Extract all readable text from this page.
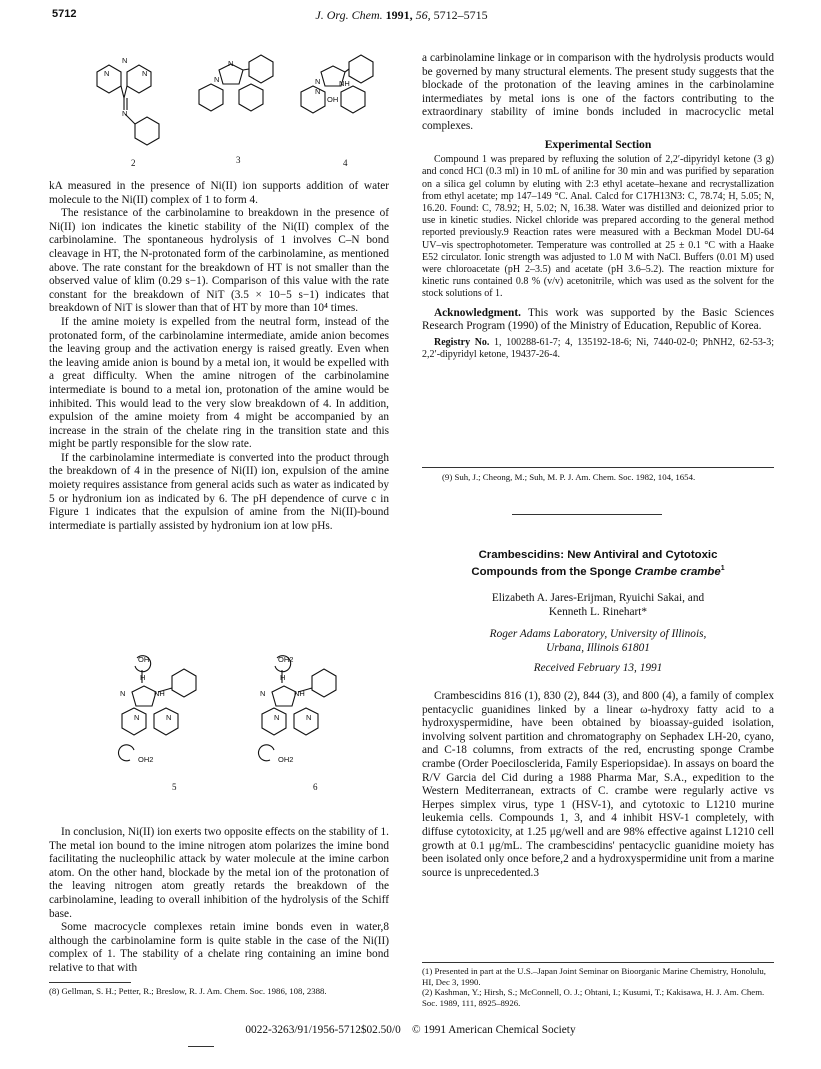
5712	J. Org. Chem. 1991, 56, 5712–5715
N
N	N
N
N
N
NH
N
N
OH
2	3	4

kA measured in the presence of Ni(II) ion supports addition of water molecule to the Ni(II) complex of 1 to form 4.

The resistance of the carbinolamine to breakdown in the presence of Ni(II) ion indicates the kinetic stability of the Ni(II) complex of the carbinolamine. The spontaneous hydrolysis of 1 involves C–N bond cleavage in HT, the N-protonated form of the carbinolamine, as mentioned above. The rate constant for the breakdown of HT is not smaller than the observed value of klim (0.29 s−1). Comparison of this value with the rate constant for the breakdown of NiT (3.5 × 10−5 s−1) indicates that breakdown of NiT is slower than that of HT by more than 10⁴ times.

If the amine moiety is expelled from the neutral form, instead of the protonated form, of the carbinolamine intermediate, amide anion becomes the leaving group and the activation energy is raised greatly. Even when the leaving amide anion is bound by a metal ion, it would be expelled with a great difficulty. When the amine nitrogen of the carbinolamine intermediate is bound to a metal ion, protonation of the amine would be inhibited. This would lead to the very slow breakdown of 4. In addition, expulsion of the amine moiety from 4 might be accompanied by an increase in the strain of the chelate ring in the transition state and this might be partly responsible for the slow rate.

If the carbinolamine intermediate is converted into the product through the breakdown of 4 in the presence of Ni(II) ion, expulsion of the amine moiety requires assistance from general acids such as water as indicated by 5 or hydronium ion as indicated by 6. The pH dependence of curve c in Figure 1 indicates that the expulsion of amine from the Ni(II)-bound intermediate is partially assisted by hydronium ion at low pHs.

OH
H
N	NH
N	N
OH2
OH2
H
N	NH
N	N
OH2
5	6

In conclusion, Ni(II) ion exerts two opposite effects on the stability of 1. The metal ion bound to the imine nitrogen atom polarizes the imine bond facilitating the nucleophilic attack by water molecule at the imine carbon atom. On the other hand, blockade by the metal ion of the protonation of the leaving nitrogen atom greatly retards the breakdown of the carbinolamine, leading to overall inhibition of the hydrolysis of the Schiff base.

Some macrocycle complexes retain imine bonds even in water,8 although the carbinolamine form is quite stable in the case of the Ni(II) complex of 1. The stability of a chelate ring containing an imine bond relative to that with

(8) Gellman, S. H.; Petter, R.; Breslow, R. J. Am. Chem. Soc. 1986, 108, 2388.

a carbinolamine linkage or in comparison with the hydrolysis products would be governed by many structural elements. The present study suggests that the blockade of the protonation of the leaving amines in the carbinolamine intermediates by metal ions is one of the factors contributing to the extraordinary stability of imine bonds included in macrocyclic metal complexes.

Experimental Section

Compound 1 was prepared by refluxing the solution of 2,2′-dipyridyl ketone (3 g) and concd HCl (0.3 ml) in 10 mL of aniline for 30 min and was purified by separation on a silica gel column by eluting with 2:3 ethyl acetate–hexane and recrystallization from ethyl acetate; mp 147–149 °C. Anal. Calcd for C17H13N3: C, 78.74; H, 5.05; N, 16.20. Found: C, 78.92; H, 5.02; N, 16.38. Water was distilled and deionized prior to use in kinetic studies. Nickel chloride was prepared according to the general method reported previously.9 Reaction rates were measured with a Beckman Model DU-64 UV–vis spectrophotometer. Temperature was controlled at 25 ± 0.1 °C with a Haake E52 circulator. Ionic strength was adjusted to 1.0 M with NaCl. Buffers (0.01 M) used were chloroacetate (pH 2–3.5) and acetate (pH 3.6–5.2). The reaction mixture for kinetic runs contained 0.8 % (v/v) acetonitrile, which was used as the solvent for the stock solutions of 1.

Acknowledgment. This work was supported by the Basic Sciences Research Program (1990) of the Ministry of Education, Republic of Korea.

Registry No. 1, 100288-61-7; 4, 135192-18-6; Ni, 7440-02-0; PhNH2, 62-53-3; 2,2′-dipyridyl ketone, 19437-26-4.

(9) Suh, J.; Cheong, M.; Suh, M. P. J. Am. Chem. Soc. 1982, 104, 1654.
Crambescidins: New Antiviral and Cytotoxic
Compounds from the Sponge Crambe crambe$^1$
Elizabeth A. Jares-Erijman, Ryuichi Sakai, and
Kenneth L. Rinehart*
Roger Adams Laboratory, University of Illinois,
Urbana, Illinois 61801
Received February 13, 1991

Crambescidins 816 (1), 830 (2), 844 (3), and 800 (4), a family of complex pentacyclic guanidines linked by a linear ω-hydroxy fatty acid to a hydroxyspermidine, have been obtained by bioassay-guided isolation, involving solvent partition and chromatography on Sephadex LH-20, cyano, and C-18 columns, from extracts of the red, encrusting sponge Crambe crambe (Order Poecilosclerida, Family Esperiopsidae). In assays on board the R/V Garcia del Cid during a 1988 Pharma Mar, S.A., expedition to the Western Mediterranean, extracts of C. crambe were regularly active vs Herpes simplex virus, type 1 (HSV-1), and cytotoxic to L1210 murine leukemia cells. Compounds 1, 3, and 4 inhibit HSV-1 completely, with diffuse cytotoxicity, at 1.25 μg/well and are 98% effective against L1210 cell growth at 0.1 μg/mL. The crambescidins' pentacyclic guanidine moiety has been isolated only once before,2 and a hydroxyspermidine unit from a marine source is unprecedented.3

(1) Presented in part at the U.S.–Japan Joint Seminar on Bioorganic Marine Chemistry, Honolulu, HI, Dec 3, 1990.
(2) Kashman, Y.; Hirsh, S.; McConnell, O. J.; Ohtani, I.; Kusumi, T.; Kakisawa, H. J. Am. Chem. Soc. 1989, 111, 8925–8926.
0022-3263/91/1956-5712$02.50/0 © 1991 American Chemical Society
